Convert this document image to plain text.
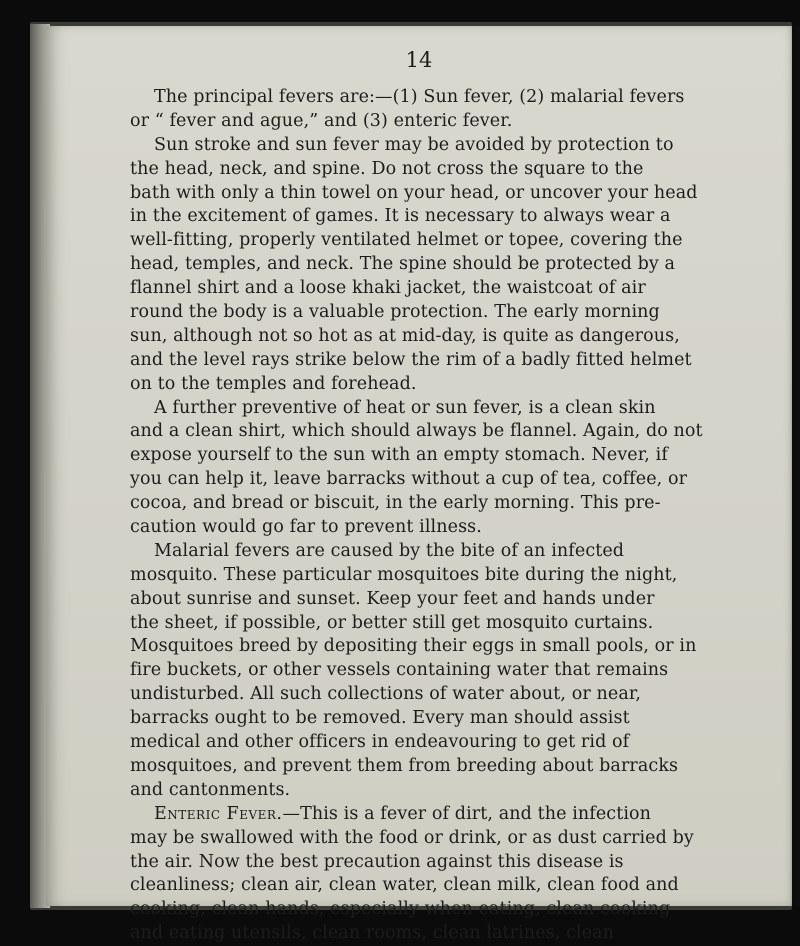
14
The principal fevers are:—(1) Sun fever, (2) malarial fevers
or “ fever and ague,” and (3) enteric fever.
Sun stroke and sun fever may be avoided by protection to
the head, neck, and spine. Do not cross the square to the
bath with only a thin towel on your head, or uncover your head
in the excitement of games. It is necessary to always wear a
well-fitting, properly ventilated helmet or topee, covering the
head, temples, and neck. The spine should be protected by a
flannel shirt and a loose khaki jacket, the waistcoat of air
round the body is a valuable protection. The early morning
sun, although not so hot as at mid-day, is quite as dangerous,
and the level rays strike below the rim of a badly fitted helmet
on to the temples and forehead.
A further preventive of heat or sun fever, is a clean skin
and a clean shirt, which should always be flannel. Again, do not
expose yourself to the sun with an empty stomach. Never, if
you can help it, leave barracks without a cup of tea, coffee, or
cocoa, and bread or biscuit, in the early morning. This pre-
caution would go far to prevent illness.
Malarial fevers are caused by the bite of an infected
mosquito. These particular mosquitoes bite during the night,
about sunrise and sunset. Keep your feet and hands under
the sheet, if possible, or better still get mosquito curtains.
Mosquitoes breed by depositing their eggs in small pools, or in
fire buckets, or other vessels containing water that remains
undisturbed. All such collections of water about, or near,
barracks ought to be removed. Every man should assist
medical and other officers in endeavouring to get rid of
mosquitoes, and prevent them from breeding about barracks
and cantonments.
Enteric Fever.—This is a fever of dirt, and the infection
may be swallowed with the food or drink, or as dust carried by
the air. Now the best precaution against this disease is
cleanliness; clean air, clean water, clean milk, clean food and
cooking, clean hands, especially when eating, clean cooking
and eating utensils, clean rooms, clean latrines, clean
